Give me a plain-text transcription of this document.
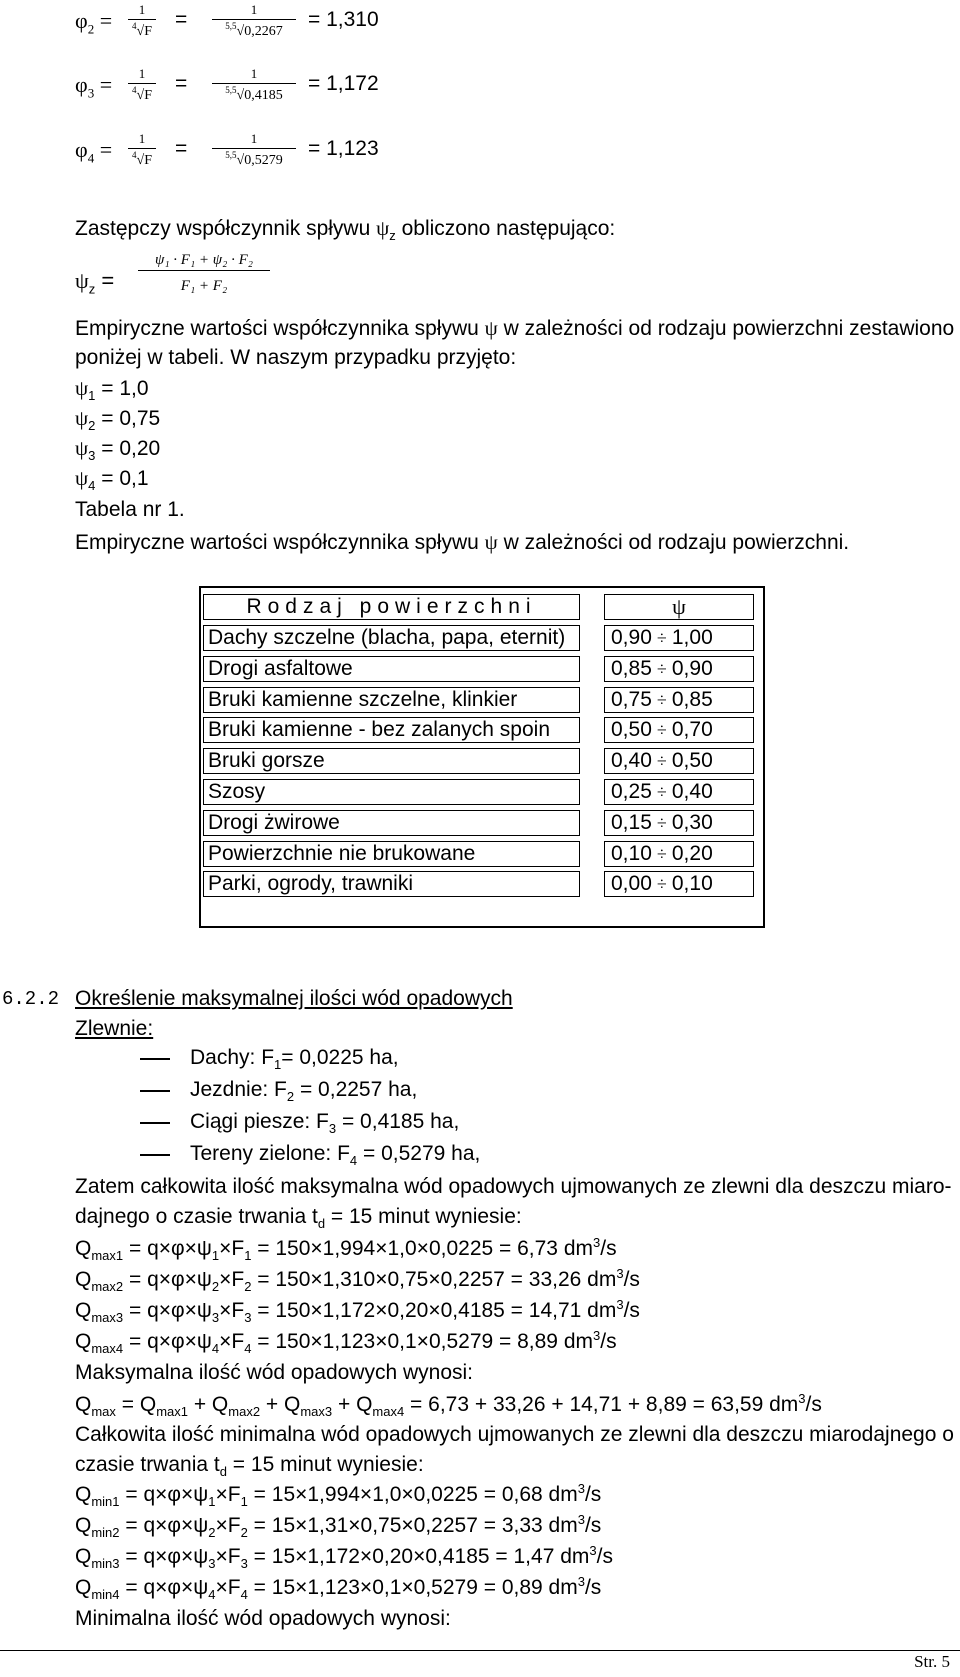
$\varphi_2 = \frac{1}{^4√F} = \frac{1}{^{5,5}√0,2267} = 1,310$
$\varphi_3 = \frac{1}{^4√F} = \frac{1}{^{5,5}√0,4185} = 1,172$
$\varphi_4 = \frac{1}{^4√F} = \frac{1}{^{5,5}√0,5279} = 1,123$
Zastępczy współczynnik spływu $\psi_z$ obliczono następująco:
$\psi_z$ =
ψ₁ · F₁ + ψ₂ · F₂
F₁ + F₂
Empiryczne wartości współczynnika spływu ψ w zależności od rodzaju powierzchni zestawiono
poniżej w tabeli. W naszym przypadku przyjęto:
$\psi_1 = 1,0$
$\psi_2 = 0,75$
$\psi_3 = 0,20$
$\psi_4 = 0,1$
Tabela nr 1.
Empiryczne wartości współczynnika spływu ψ w zależności od rodzaju powierzchni.
Rodzaj powierzchni	ψ
Dachy szczelne (blacha, papa, eternit)	0,90 ÷ 1,00
Drogi asfaltowe	0,85 ÷ 0,90
Bruki kamienne szczelne, klinkier	0,75 ÷ 0,85
Bruki kamienne - bez zalanych spoin	0,50 ÷ 0,70
Bruki gorsze	0,40 ÷ 0,50
Szosy	0,25 ÷ 0,40
Drogi żwirowe	0,15 ÷ 0,30
Powierzchnie nie brukowane	0,10 ÷ 0,20
Parki, ogrody, trawniki	0,00 ÷ 0,10
6.2.2 Określenie maksymalnej ilości wód opadowych
Zlewnie:
Dachy: $F_1= 0,0225$ ha,
Jezdnie: $F_2 = 0,2257$ ha,
Ciągi piesze: $F_3 = 0,4185$ ha,
Tereny zielone: $F_4 = 0,5279$ ha,
Zatem całkowita ilość maksymalna wód opadowych ujmowanych ze zlewni dla deszczu miaro-
dajnego o czasie trwania $t_d = 15$ minut wyniesie:
$Q_{max1} = q\times\varphi\times\psi_1\times F_1 = 150\times 1,994\times 1,0\times 0,0225 = 6,73$ $dm^3/s$
$Q_{max2} = q\times\varphi\times\psi_2\times F_2 = 150\times 1,310\times 0,75\times 0,2257 = 33,26$ $dm^3/s$
$Q_{max3} = q\times\varphi\times\psi_3\times F_3 = 150\times 1,172\times 0,20\times 0,4185 = 14,71$ $dm^3/s$
$Q_{max4} = q\times\varphi\times\psi_4\times F_4 = 150\times 1,123\times 0,1\times 0,5279 = 8,89$ $dm^3/s$
Maksymalna ilość wód opadowych wynosi:
$Q_{max} = Q_{max1} + Q_{max2} + Q_{max3} + Q_{max4} = 6,73 + 33,26 + 14,71 + 8,89 = 63,59$ $dm^3/s$
Całkowita ilość minimalna wód opadowych ujmowanych ze zlewni dla deszczu miarodajnego o
czasie trwania $t_d = 15$ minut wyniesie:
$Q_{min1} = q\times\varphi\times\psi_1\times F_1 = 15\times 1,994\times 1,0\times 0,0225 = 0,68$ $dm^3/s$
$Q_{min2} = q\times\varphi\times\psi_2\times F_2 = 15\times 1,31\times 0,75\times 0,2257 = 3,33$ $dm^3/s$
$Q_{min3} = q\times\varphi\times\psi_3\times F_3 = 15\times 1,172\times 0,20\times 0,4185 = 1,47$ $dm^3/s$
$Q_{min4} = q\times\varphi\times\psi_4\times F_4 = 15\times 1,123\times 0,1\times 0,5279 = 0,89$ $dm^3/s$
Minimalna ilość wód opadowych wynosi:
Str. 5
